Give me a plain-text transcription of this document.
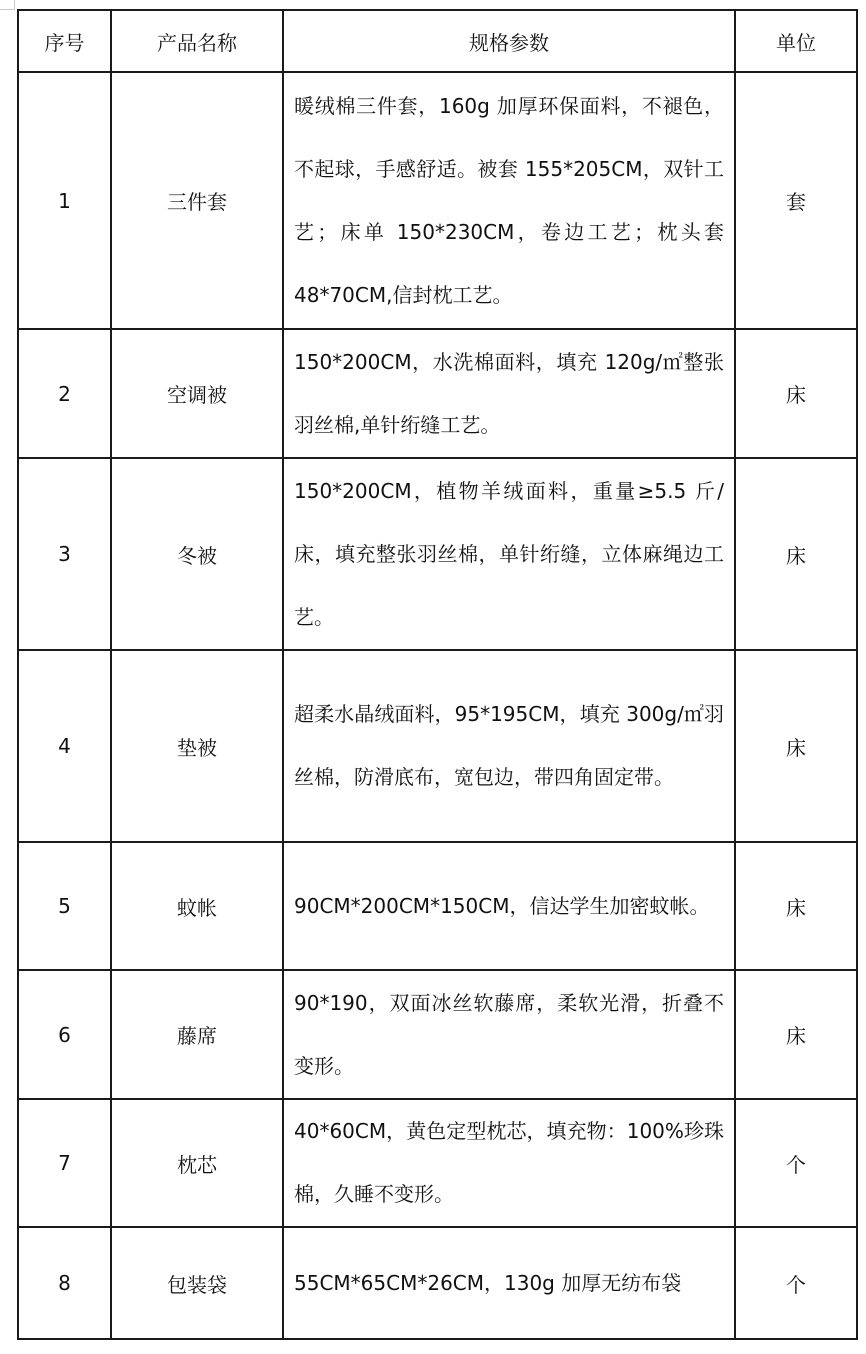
序号	产品名称	规格参数	单位
1	三件套	暖绒棉三件套，160g 加厚环保面料，不褪色，不起球，手感舒适。被套 155*205CM，双针工艺；床单 150*230CM，卷边工艺；枕头套 48*70CM,信封枕工艺。	套
2	空调被	150*200CM，水洗棉面料，填充 120g/㎡整张羽丝棉,单针绗缝工艺。	床
3	冬被	150*200CM，植物羊绒面料，重量≥5.5 斤/床，填充整张羽丝棉，单针绗缝，立体麻绳边工艺。	床
4	垫被	超柔水晶绒面料，95*195CM，填充 300g/㎡羽丝棉，防滑底布，宽包边，带四角固定带。	床
5	蚊帐	90CM*200CM*150CM，信达学生加密蚊帐。	床
6	藤席	90*190，双面冰丝软藤席，柔软光滑，折叠不变形。	床
7	枕芯	40*60CM，黄色定型枕芯，填充物：100%珍珠棉，久睡不变形。	个
8	包装袋	55CM*65CM*26CM，130g 加厚无纺布袋	个
